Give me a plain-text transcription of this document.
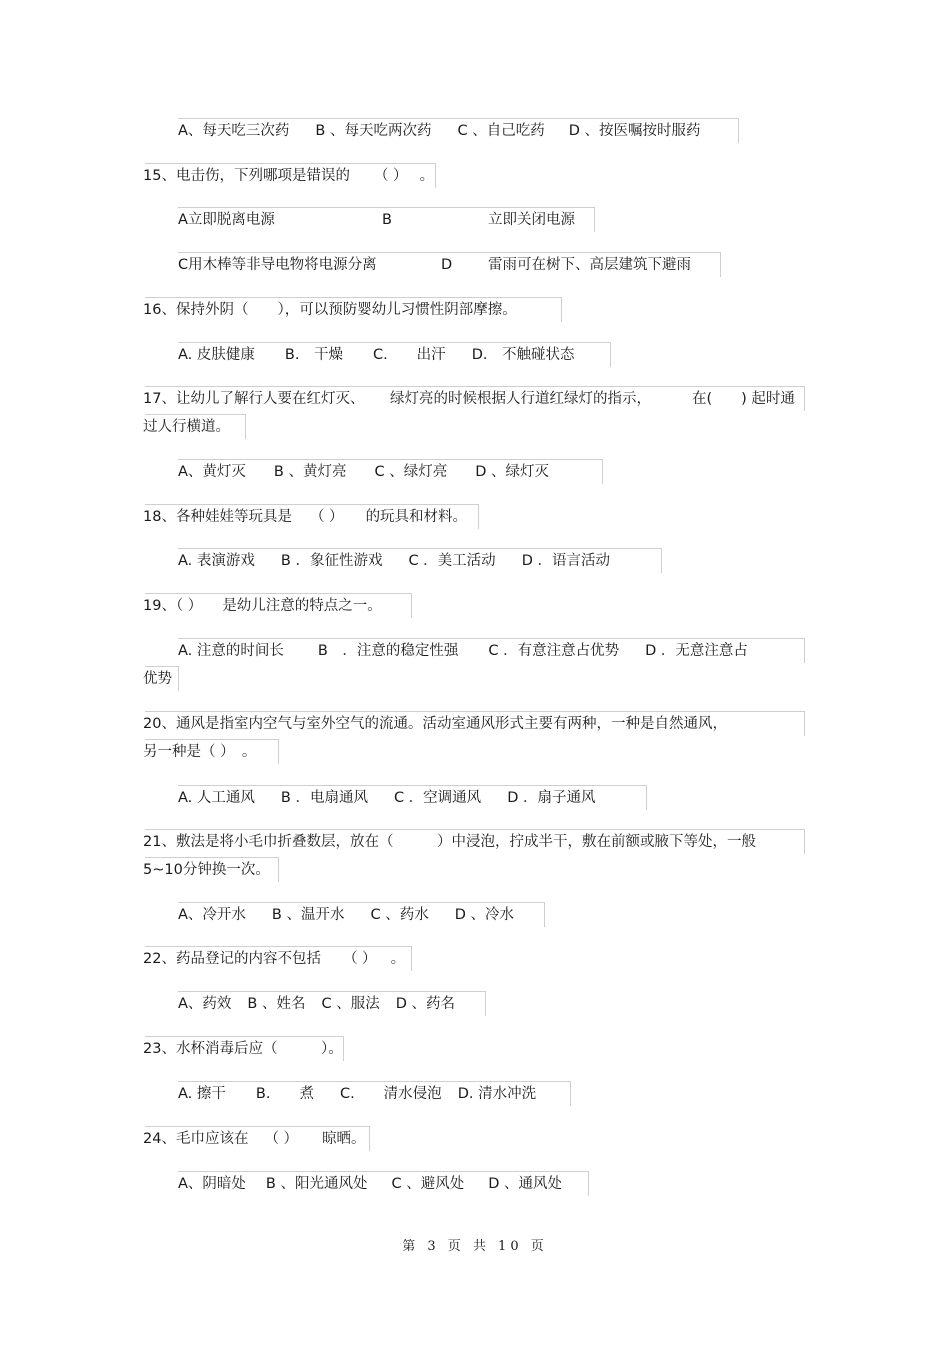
A、每天吃三次药 B 、每天吃两次药 C 、自己吃药 D 、按医嘱按时服药
15、电击伤，下列哪项是错误的 （ ） 。
A立即脱离电源	B	立即关闭电源
C用木棒等非导电物将电源分离	D 雷雨可在树下、高层建筑下避雨
16、保持外阴（　　），可以预防婴幼儿习惯性阴部摩擦。
A. 皮肤健康 B.　干燥 C.　　出汗 D.　不触碰状态
17、让幼儿了解行人要在红灯灭、 绿灯亮的时候根据人行道红绿灯的指示，	在(　　) 起时通
过人行横道。
A、黄灯灭 B 、黄灯亮 C 、绿灯亮 D 、绿灯灭
18、各种娃娃等玩具是 （ ） 的玩具和材料。
A. 表演游戏 B ．象征性游戏 C ．美工活动 D ．语言活动
19、（ ） 是幼儿注意的特点之一。
A. 注意的时间长 B　．注意的稳定性强 C ．有意注意占优势 D ．无意注意占
优势
20、通风是指室内空气与室外空气的流通。活动室通风形式主要有两种，一种是自然通风，
另一种是（ ）　。
A. 人工通风 B ．电扇通风 C ．空调通风 D ．扇子通风
21、敷法是将小毛巾折叠数层，放在（　　　）中浸泡，拧成半干，敷在前额或腋下等处，一般
5~10分钟换一次。
A、冷开水 B 、温开水 C 、药水 D 、冷水
22、药品登记的内容不包括 （ ） 。
A、药效 B 、姓名 C 、服法 D 、药名
23、水杯消毒后应（　　　）。
A. 擦干 B.　　煮 C.　　清水侵泡 D. 清水冲洗
24、毛巾应该在 （ ） 晾晒。
A、阴暗处 B 、阳光通风处 C 、避风处 D 、通风处
第 3 页 共 10 页
